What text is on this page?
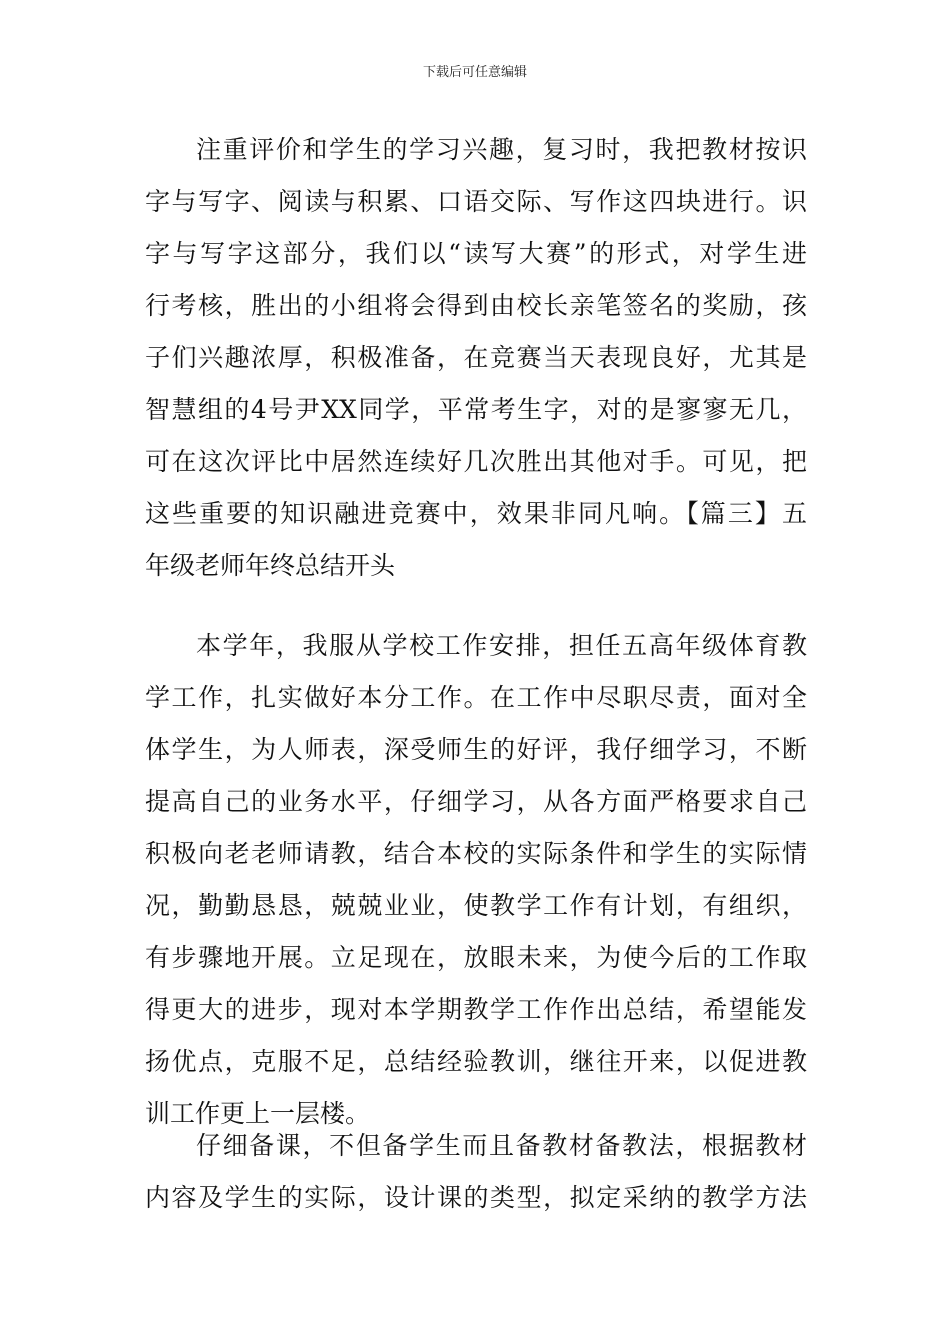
下载后可任意编辑
注重评价和学生的学习兴趣，复习时，我把教材按识
字与写字、阅读与积累、口语交际、写作这四块进行。识
字与写字这部分，我们以“读写大赛”的形式，对学生进
行考核，胜出的小组将会得到由校长亲笔签名的奖励，孩
子们兴趣浓厚，积极准备，在竞赛当天表现良好，尤其是
智慧组的4号尹XX同学，平常考生字，对的是寥寥无几，
可在这次评比中居然连续好几次胜出其他对手。可见，把
这些重要的知识融进竞赛中，效果非同凡响。【篇三】五
年级老师年终总结开头
本学年，我服从学校工作安排，担任五高年级体育教
学工作，扎实做好本分工作。在工作中尽职尽责，面对全
体学生，为人师表，深受师生的好评，我仔细学习，不断
提高自己的业务水平，仔细学习，从各方面严格要求自己
积极向老老师请教，结合本校的实际条件和学生的实际情
况，勤勤恳恳，兢兢业业，使教学工作有计划，有组织，
有步骤地开展。立足现在，放眼未来，为使今后的工作取
得更大的进步，现对本学期教学工作作出总结，希望能发
扬优点，克服不足，总结经验教训，继往开来，以促进教
训工作更上一层楼。
仔细备课，不但备学生而且备教材备教法，根据教材
内容及学生的实际，设计课的类型，拟定采纳的教学方法
